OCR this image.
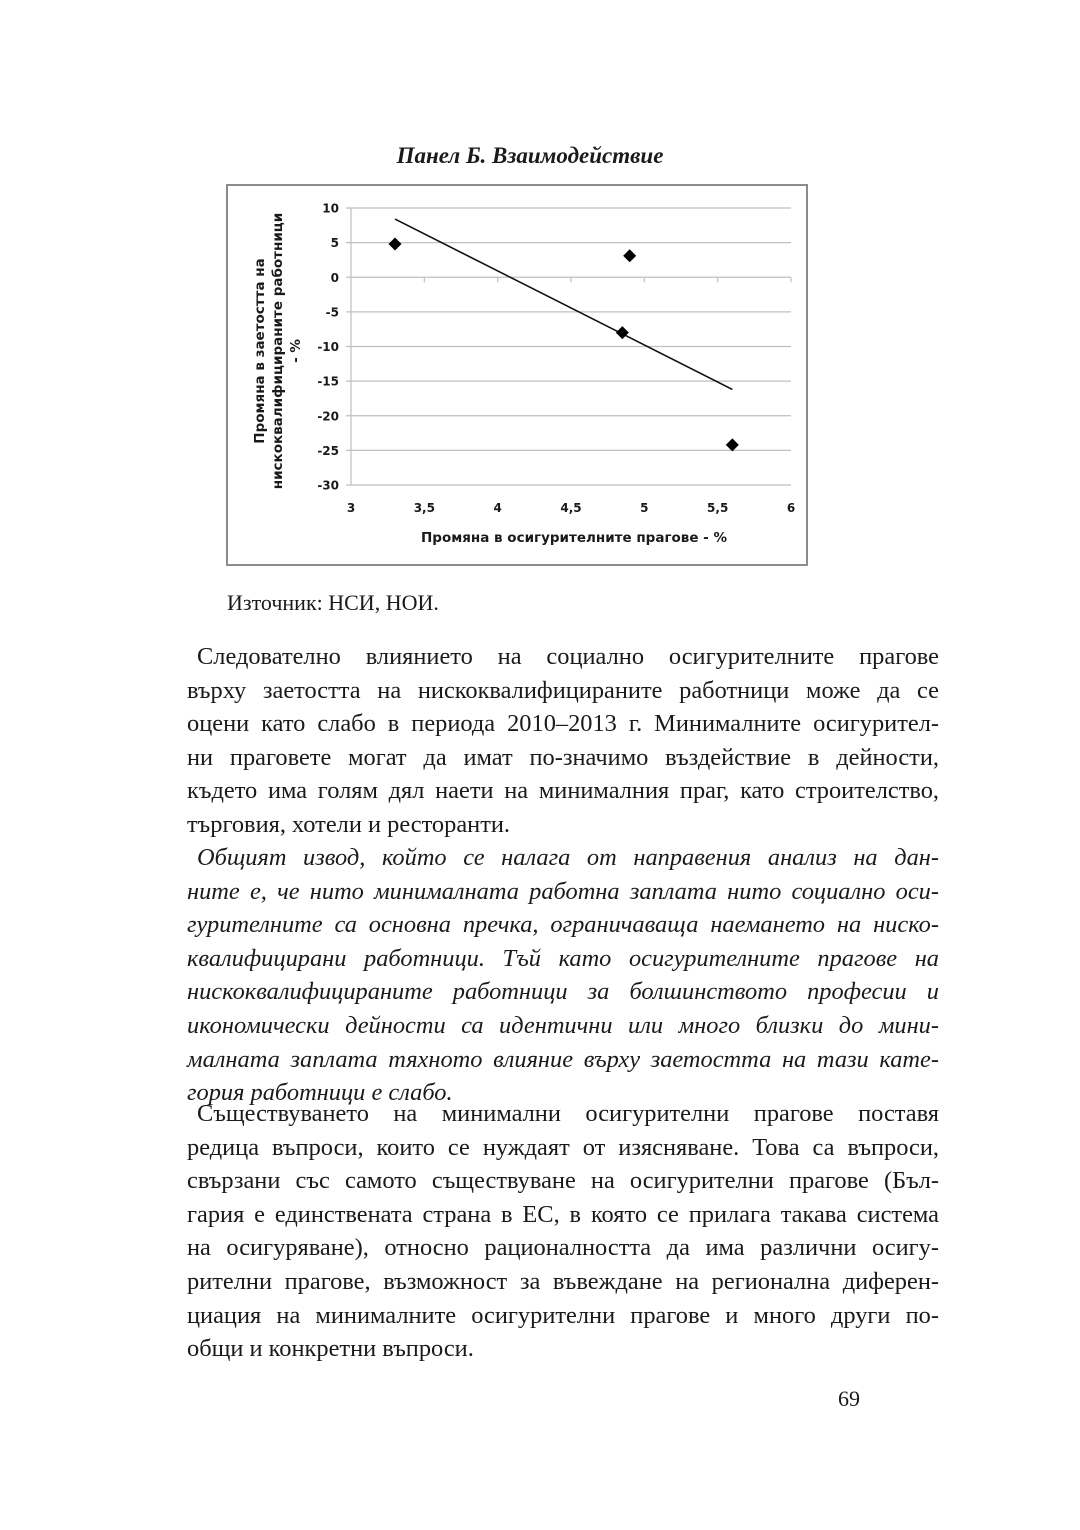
Панел Б. Взаимодействие
10
5
0
-5
-10
-15
-20
-25
-30
3	3,5	4	4,5	5	5,5	6
Промяна в осигурителните прагове - %
Промяна в заетостта на нискоквалифицираните работници - %
Източник: НСИ, НОИ.
Следователно влиянието на социално осигурителните прагове
върху заетостта на нискоквалифицираните работници може да се
оцени като слабо в периода 2010–2013 г. Минималните осигурител-
ни праговете могат да имат по-значимо въздействие в дейности,
където има голям дял наети на минималния праг, като строителство,
търговия, хотели и ресторанти.
Общият извод, който се налага от направения анализ на дан-
ните е, че нито минималната работна заплата нито социално оси-
гурителните са основна пречка, ограничаваща наемането на ниско-
квалифицирани работници. Тъй като осигурителните прагове на
нискоквалифицираните работници за болшинството професии и
икономически дейности са идентични или много близки до мини-
малната заплата тяхното влияние върху заетостта на тази кате-
гория работници е слабо.
Съществуването на минимални осигурителни прагове поставя
редица въпроси, които се нуждаят от изясняване. Това са въпроси,
свързани със самото съществуване на осигурителни прагове (Бъл-
гария е единствената страна в ЕС, в която се прилага такава система
на осигуряване), относно рационалността да има различни осигу-
рителни прагове, възможност за въвеждане на регионална диферен-
циация на минималните осигурителни прагове и много други по-
общи и конкретни въпроси.
69
